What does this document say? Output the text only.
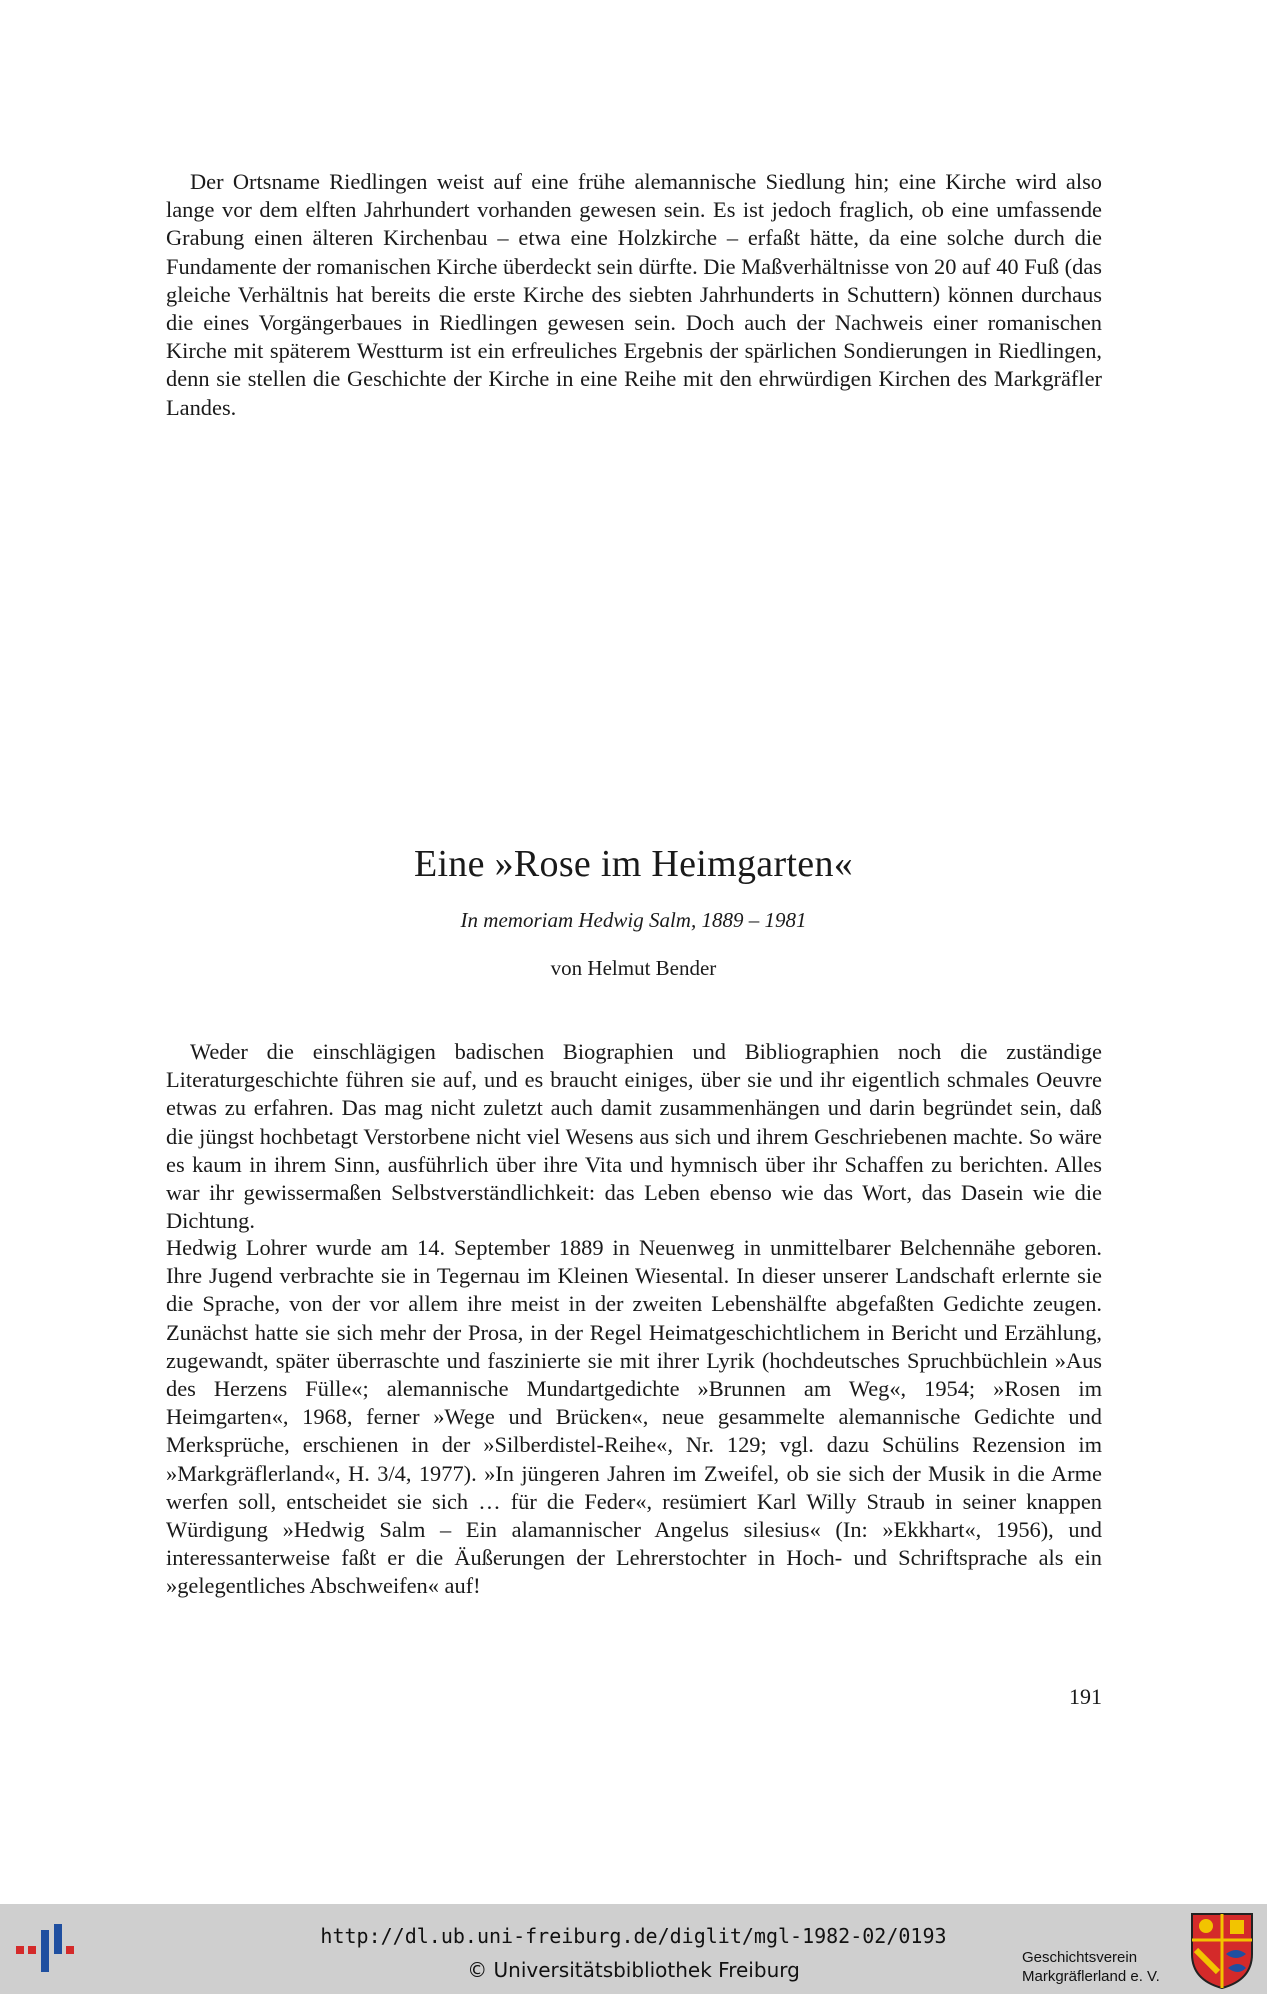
Der Ortsname Riedlingen weist auf eine frühe alemannische Siedlung hin; eine Kirche wird also lange vor dem elften Jahrhundert vorhanden gewesen sein. Es ist jedoch fraglich, ob eine umfassende Grabung einen älteren Kirchenbau – etwa eine Holzkirche – erfaßt hätte, da eine solche durch die Fundamente der romanischen Kirche überdeckt sein dürfte. Die Maßverhältnisse von 20 auf 40 Fuß (das gleiche Verhältnis hat bereits die erste Kirche des siebten Jahrhunderts in Schuttern) können durchaus die eines Vorgängerbaues in Riedlingen gewesen sein. Doch auch der Nachweis einer romanischen Kirche mit späterem Westturm ist ein erfreuliches Ergebnis der spärlichen Sondierungen in Riedlingen, denn sie stellen die Geschichte der Kirche in eine Reihe mit den ehrwürdigen Kirchen des Markgräfler Landes.

Eine »Rose im Heimgarten«

In memoriam Hedwig Salm, 1889 – 1981

von Helmut Bender

Weder die einschlägigen badischen Biographien und Bibliographien noch die zuständige Literaturgeschichte führen sie auf, und es braucht einiges, über sie und ihr eigentlich schmales Oeuvre etwas zu erfahren. Das mag nicht zuletzt auch damit zusammenhängen und darin begründet sein, daß die jüngst hochbetagt Verstorbene nicht viel Wesens aus sich und ihrem Geschriebenen machte. So wäre es kaum in ihrem Sinn, ausführlich über ihre Vita und hymnisch über ihr Schaffen zu berichten. Alles war ihr gewissermaßen Selbstverständlichkeit: das Leben ebenso wie das Wort, das Dasein wie die Dichtung.

Hedwig Lohrer wurde am 14. September 1889 in Neuenweg in unmittelbarer Belchennähe geboren. Ihre Jugend verbrachte sie in Tegernau im Kleinen Wiesental. In dieser unserer Landschaft erlernte sie die Sprache, von der vor allem ihre meist in der zweiten Lebenshälfte abgefaßten Gedichte zeugen. Zunächst hatte sie sich mehr der Prosa, in der Regel Heimatgeschichtlichem in Bericht und Erzählung, zugewandt, später überraschte und faszinierte sie mit ihrer Lyrik (hochdeutsches Spruchbüchlein »Aus des Herzens Fülle«; alemannische Mundartgedichte »Brunnen am Weg«, 1954; »Rosen im Heimgarten«, 1968, ferner »Wege und Brücken«, neue gesammelte alemannische Gedichte und Merksprüche, erschienen in der »Silberdistel-Reihe«, Nr. 129; vgl. dazu Schülins Rezension im »Markgräflerland«, H. 3/4, 1977). »In jüngeren Jahren im Zweifel, ob sie sich der Musik in die Arme werfen soll, entscheidet sie sich … für die Feder«, resümiert Karl Willy Straub in seiner knappen Würdigung »Hedwig Salm – Ein alamannischer Angelus silesius« (In: »Ekkhart«, 1956), und interessanterweise faßt er die Äußerungen der Lehrerstochter in Hoch- und Schriftsprache als ein »gelegentliches Abschweifen« auf!

191
http://dl.ub.uni-freiburg.de/diglit/mgl-1982-02/0193
© Universitätsbibliothek Freiburg
Geschichtsverein
Markgräflerland e. V.
